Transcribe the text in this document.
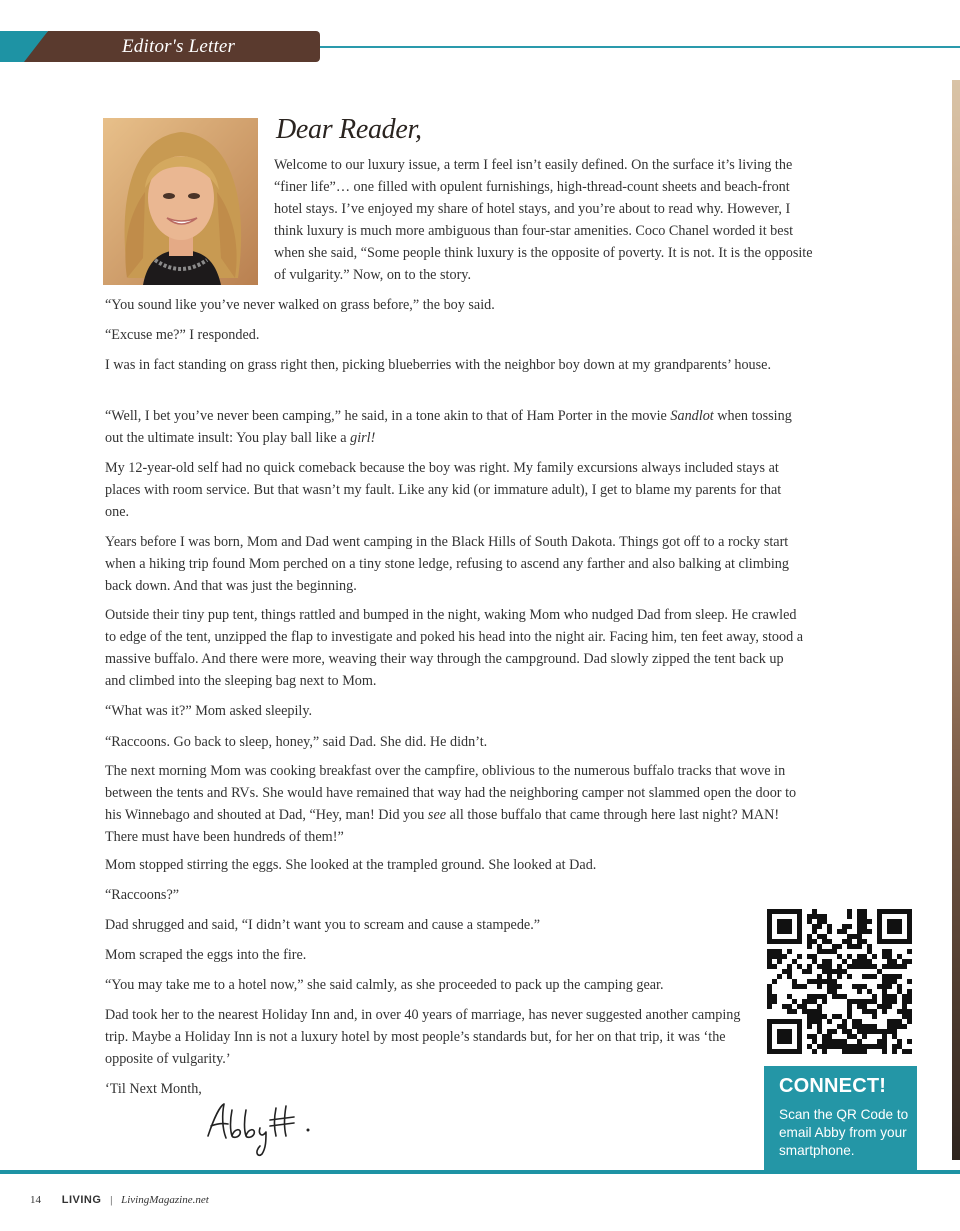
Editor's Letter
Dear Reader,

Welcome to our luxury issue, a term I feel isn’t easily defined. On the surface it’s living the “finer life”… one filled with opulent furnishings, high-thread-count sheets and beach-front hotel stays. I’ve enjoyed my share of hotel stays, and you’re about to read why. However, I think luxury is much more ambiguous than four-star amenities. Coco Chanel worded it best when she said, “Some people think luxury is the opposite of poverty. It is not. It is the opposite of vulgarity.” Now, on to the story.

“You sound like you’ve never walked on grass before,” the boy said.

“Excuse me?” I responded.

I was in fact standing on grass right then, picking blueberries with the neighbor boy down at my grandparents’ house.

“Well, I bet you’ve never been camping,” he said, in a tone akin to that of Ham Porter in the movie Sandlot when tossing out the ultimate insult: You play ball like a girl!

My 12-year-old self had no quick comeback because the boy was right. My family excursions always included stays at places with room service. But that wasn’t my fault. Like any kid (or immature adult), I get to blame my parents for that one.

Years before I was born, Mom and Dad went camping in the Black Hills of South Dakota. Things got off to a rocky start when a hiking trip found Mom perched on a tiny stone ledge, refusing to ascend any farther and also balking at climbing back down. And that was just the beginning.

Outside their tiny pup tent, things rattled and bumped in the night, waking Mom who nudged Dad from sleep. He crawled to edge of the tent, unzipped the flap to investigate and poked his head into the night air. Facing him, ten feet away, stood a massive buffalo. And there were more, weaving their way through the campground. Dad slowly zipped the tent back up and climbed into the sleeping bag next to Mom.

“What was it?” Mom asked sleepily.

“Raccoons. Go back to sleep, honey,” said Dad. She did. He didn’t.

The next morning Mom was cooking breakfast over the campfire, oblivious to the numerous buffalo tracks that wove in between the tents and RVs. She would have remained that way had the neighboring camper not slammed open the door to his Winnebago and shouted at Dad, “Hey, man! Did you see all those buffalo that came through here last night? MAN! There must have been hundreds of them!”

Mom stopped stirring the eggs. She looked at the trampled ground. She looked at Dad.

“Raccoons?”

Dad shrugged and said, “I didn’t want you to scream and cause a stampede.”

Mom scraped the eggs into the fire.

“You may take me to a hotel now,” she said calmly, as she proceeded to pack up the camping gear.

Dad took her to the nearest Holiday Inn and, in over 40 years of marriage, has never suggested another camping trip. Maybe a Holiday Inn is not a luxury hotel by most people’s standards but, for her on that trip, it was ‘the opposite of vulgarity.’

‘Til Next Month,	CONNECT!
Scan the QR Code to email Abby from your smartphone.
14 LIVING | LivingMagazine.net
